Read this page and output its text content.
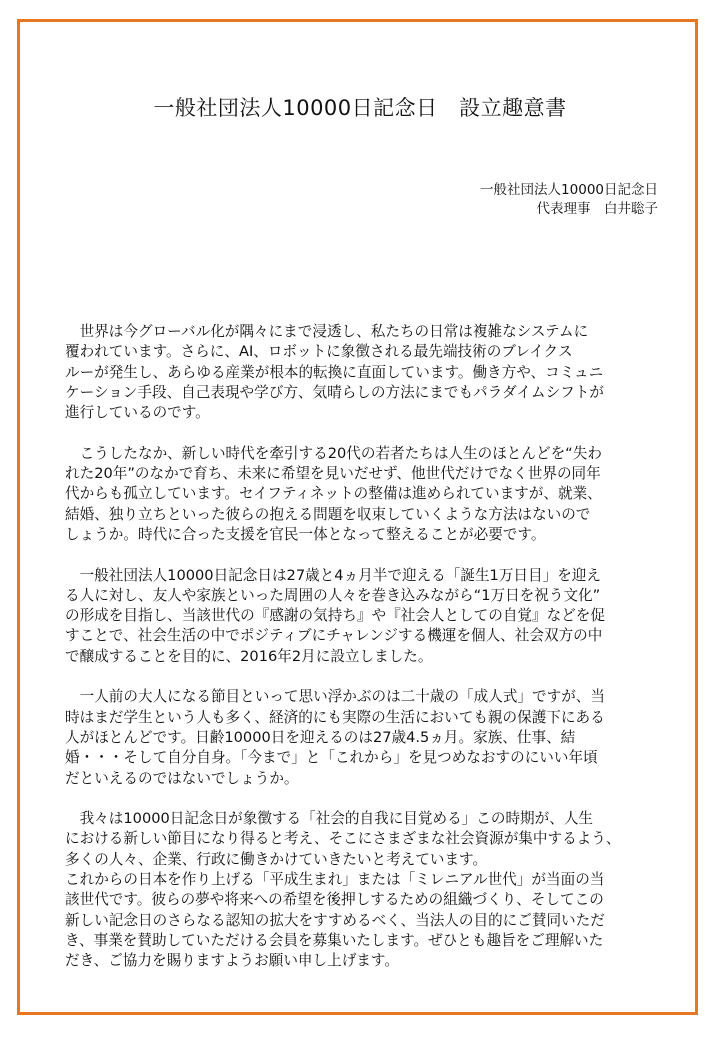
一般社団法人10000日記念日　設立趣意書
一般社団法人10000日記念日
代表理事　白井聡子

　世界は今グローバル化が隅々にまで浸透し、私たちの日常は複雑なシステムに
覆われています。さらに、AI、ロボットに象徴される最先端技術のブレイクス
ルーが発生し、あらゆる産業が根本的転換に直面しています。働き方や、コミュニ
ケーション手段、自己表現や学び方、気晴らしの方法にまでもパラダイムシフトが
進行しているのです。

　こうしたなか、新しい時代を牽引する20代の若者たちは人生のほとんどを“失わ
れた20年”のなかで育ち、未来に希望を見いだせず、他世代だけでなく世界の同年
代からも孤立しています。セイフティネットの整備は進められていますが、就業、
結婚、独り立ちといった彼らの抱える問題を収束していくような方法はないので
しょうか。時代に合った支援を官民一体となって整えることが必要です。

　一般社団法人10000日記念日は27歳と4ヵ月半で迎える「誕生1万日目」を迎え
る人に対し、友人や家族といった周囲の人々を巻き込みながら“1万日を祝う文化”
の形成を目指し、当該世代の『感謝の気持ち』や『社会人としての自覚』などを促
すことで、社会生活の中でポジティブにチャレンジする機運を個人、社会双方の中
で醸成することを目的に、2016年2月に設立しました。

　一人前の大人になる節目といって思い浮かぶのは二十歳の「成人式」ですが、当
時はまだ学生という人も多く、経済的にも実際の生活においても親の保護下にある
人がほとんどです。日齢10000日を迎えるのは27歳4.5ヵ月。家族、仕事、結
婚・・・そして自分自身。「今まで」と「これから」を見つめなおすのにいい年頃
だといえるのではないでしょうか。

　我々は10000日記念日が象徴する「社会的自我に目覚める」この時期が、人生
における新しい節目になり得ると考え、そこにさまざまな社会資源が集中するよう、
多くの人々、企業、行政に働きかけていきたいと考えています。
これからの日本を作り上げる「平成生まれ」または「ミレニアル世代」が当面の当
該世代です。彼らの夢や将来への希望を後押しするための組織づくり、そしてこの
新しい記念日のさらなる認知の拡大をすすめるべく、当法人の目的にご賛同いただ
き、事業を賛助していただける会員を募集いたします。ぜひとも趣旨をご理解いた
だき、ご協力を賜りますようお願い申し上げます。
